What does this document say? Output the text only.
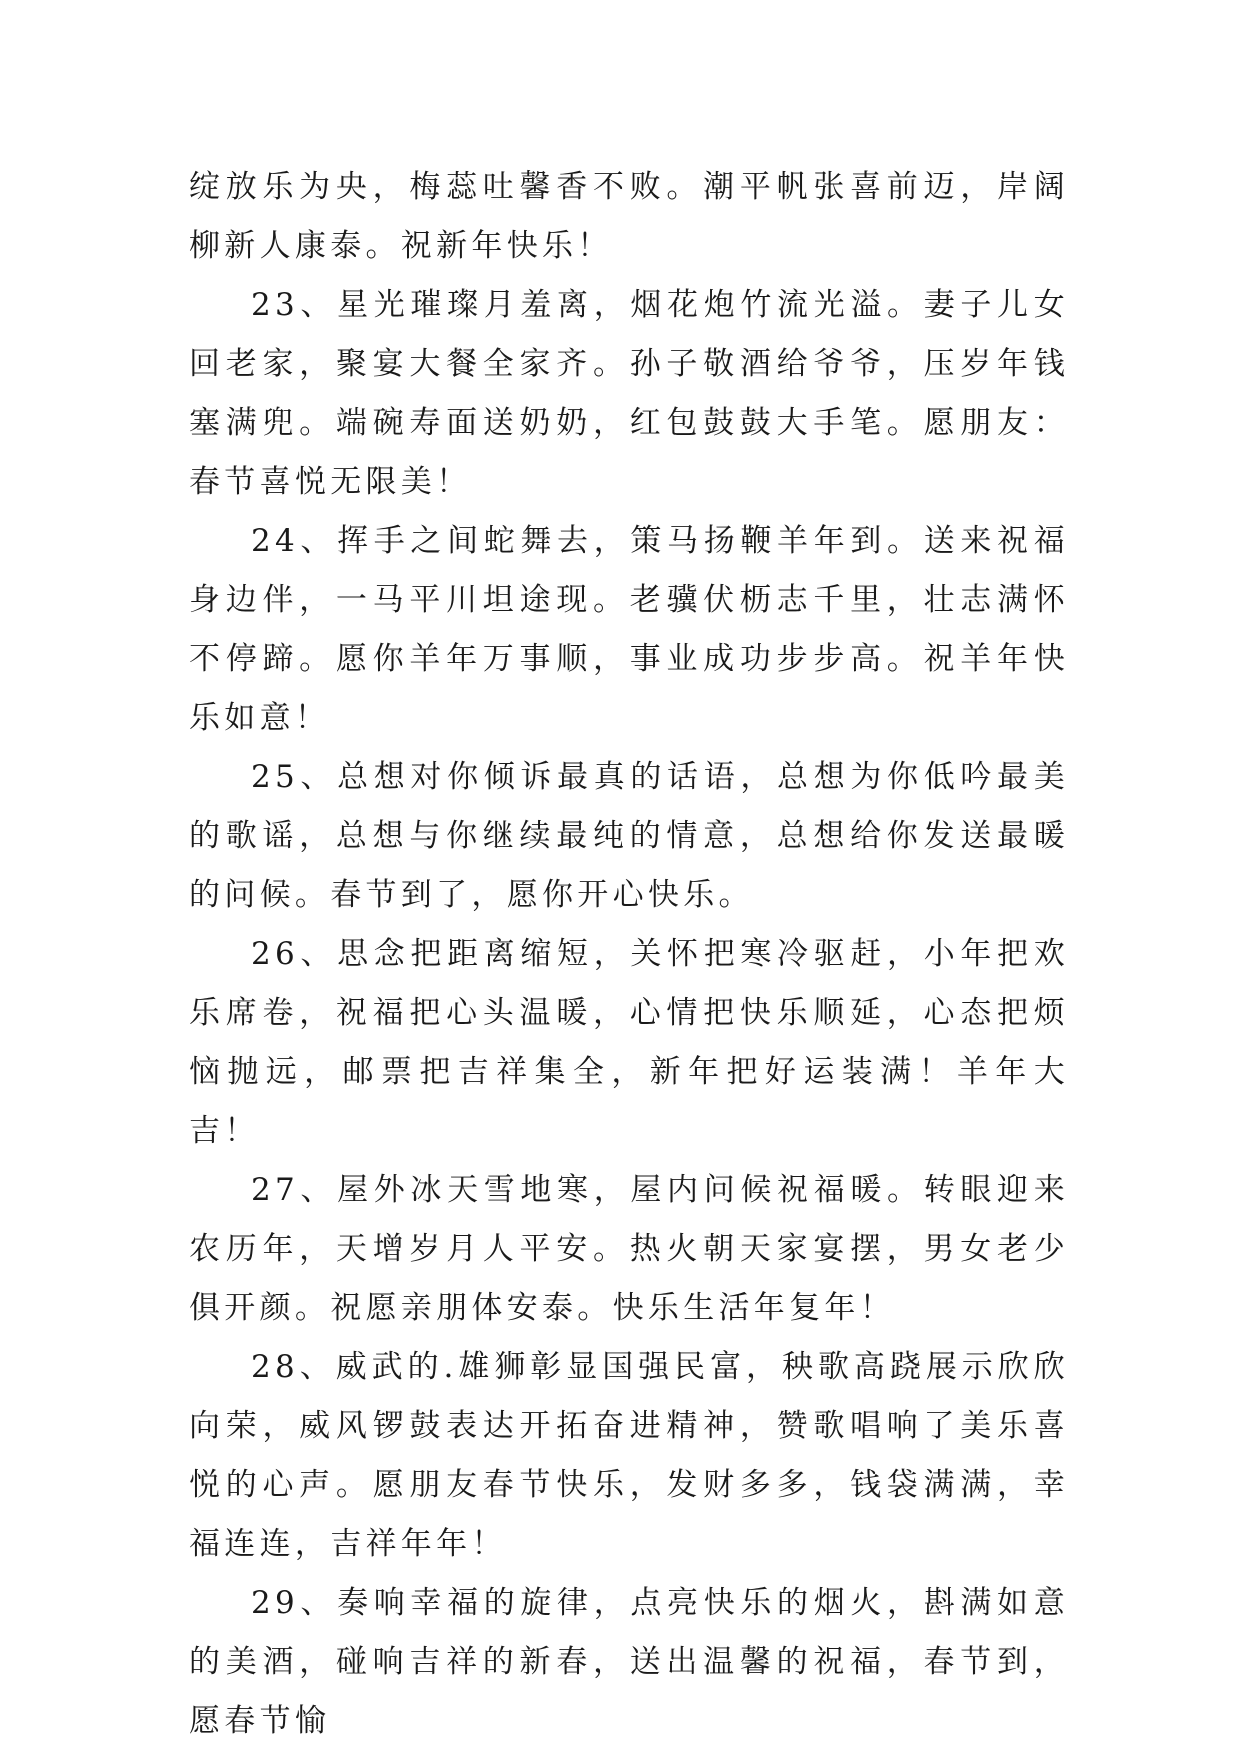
绽放乐为央，梅蕊吐馨香不败。潮平帆张喜前迈，岸阔柳新人康泰。祝新年快乐！

23、星光璀璨月羞离，烟花炮竹流光溢。妻子儿女回老家，聚宴大餐全家齐。孙子敬酒给爷爷，压岁年钱塞满兜。端碗寿面送奶奶，红包鼓鼓大手笔。愿朋友：春节喜悦无限美！

24、挥手之间蛇舞去，策马扬鞭羊年到。送来祝福身边伴，一马平川坦途现。老骥伏枥志千里，壮志满怀不停蹄。愿你羊年万事顺，事业成功步步高。祝羊年快乐如意！

25、总想对你倾诉最真的话语，总想为你低吟最美的歌谣，总想与你继续最纯的情意，总想给你发送最暖的问候。春节到了，愿你开心快乐。

26、思念把距离缩短，关怀把寒冷驱赶，小年把欢乐席卷，祝福把心头温暖，心情把快乐顺延，心态把烦恼抛远，邮票把吉祥集全，新年把好运装满！羊年大吉！

27、屋外冰天雪地寒，屋内问候祝福暖。转眼迎来农历年，天增岁月人平安。热火朝天家宴摆，男女老少俱开颜。祝愿亲朋体安泰。快乐生活年复年！

28、威武的.雄狮彰显国强民富，秧歌高跷展示欣欣向荣，威风锣鼓表达开拓奋进精神，赞歌唱响了美乐喜悦的心声。愿朋友春节快乐，发财多多，钱袋满满，幸福连连，吉祥年年！

29、奏响幸福的旋律，点亮快乐的烟火，斟满如意的美酒，碰响吉祥的新春，送出温馨的祝福，春节到，愿春节愉
